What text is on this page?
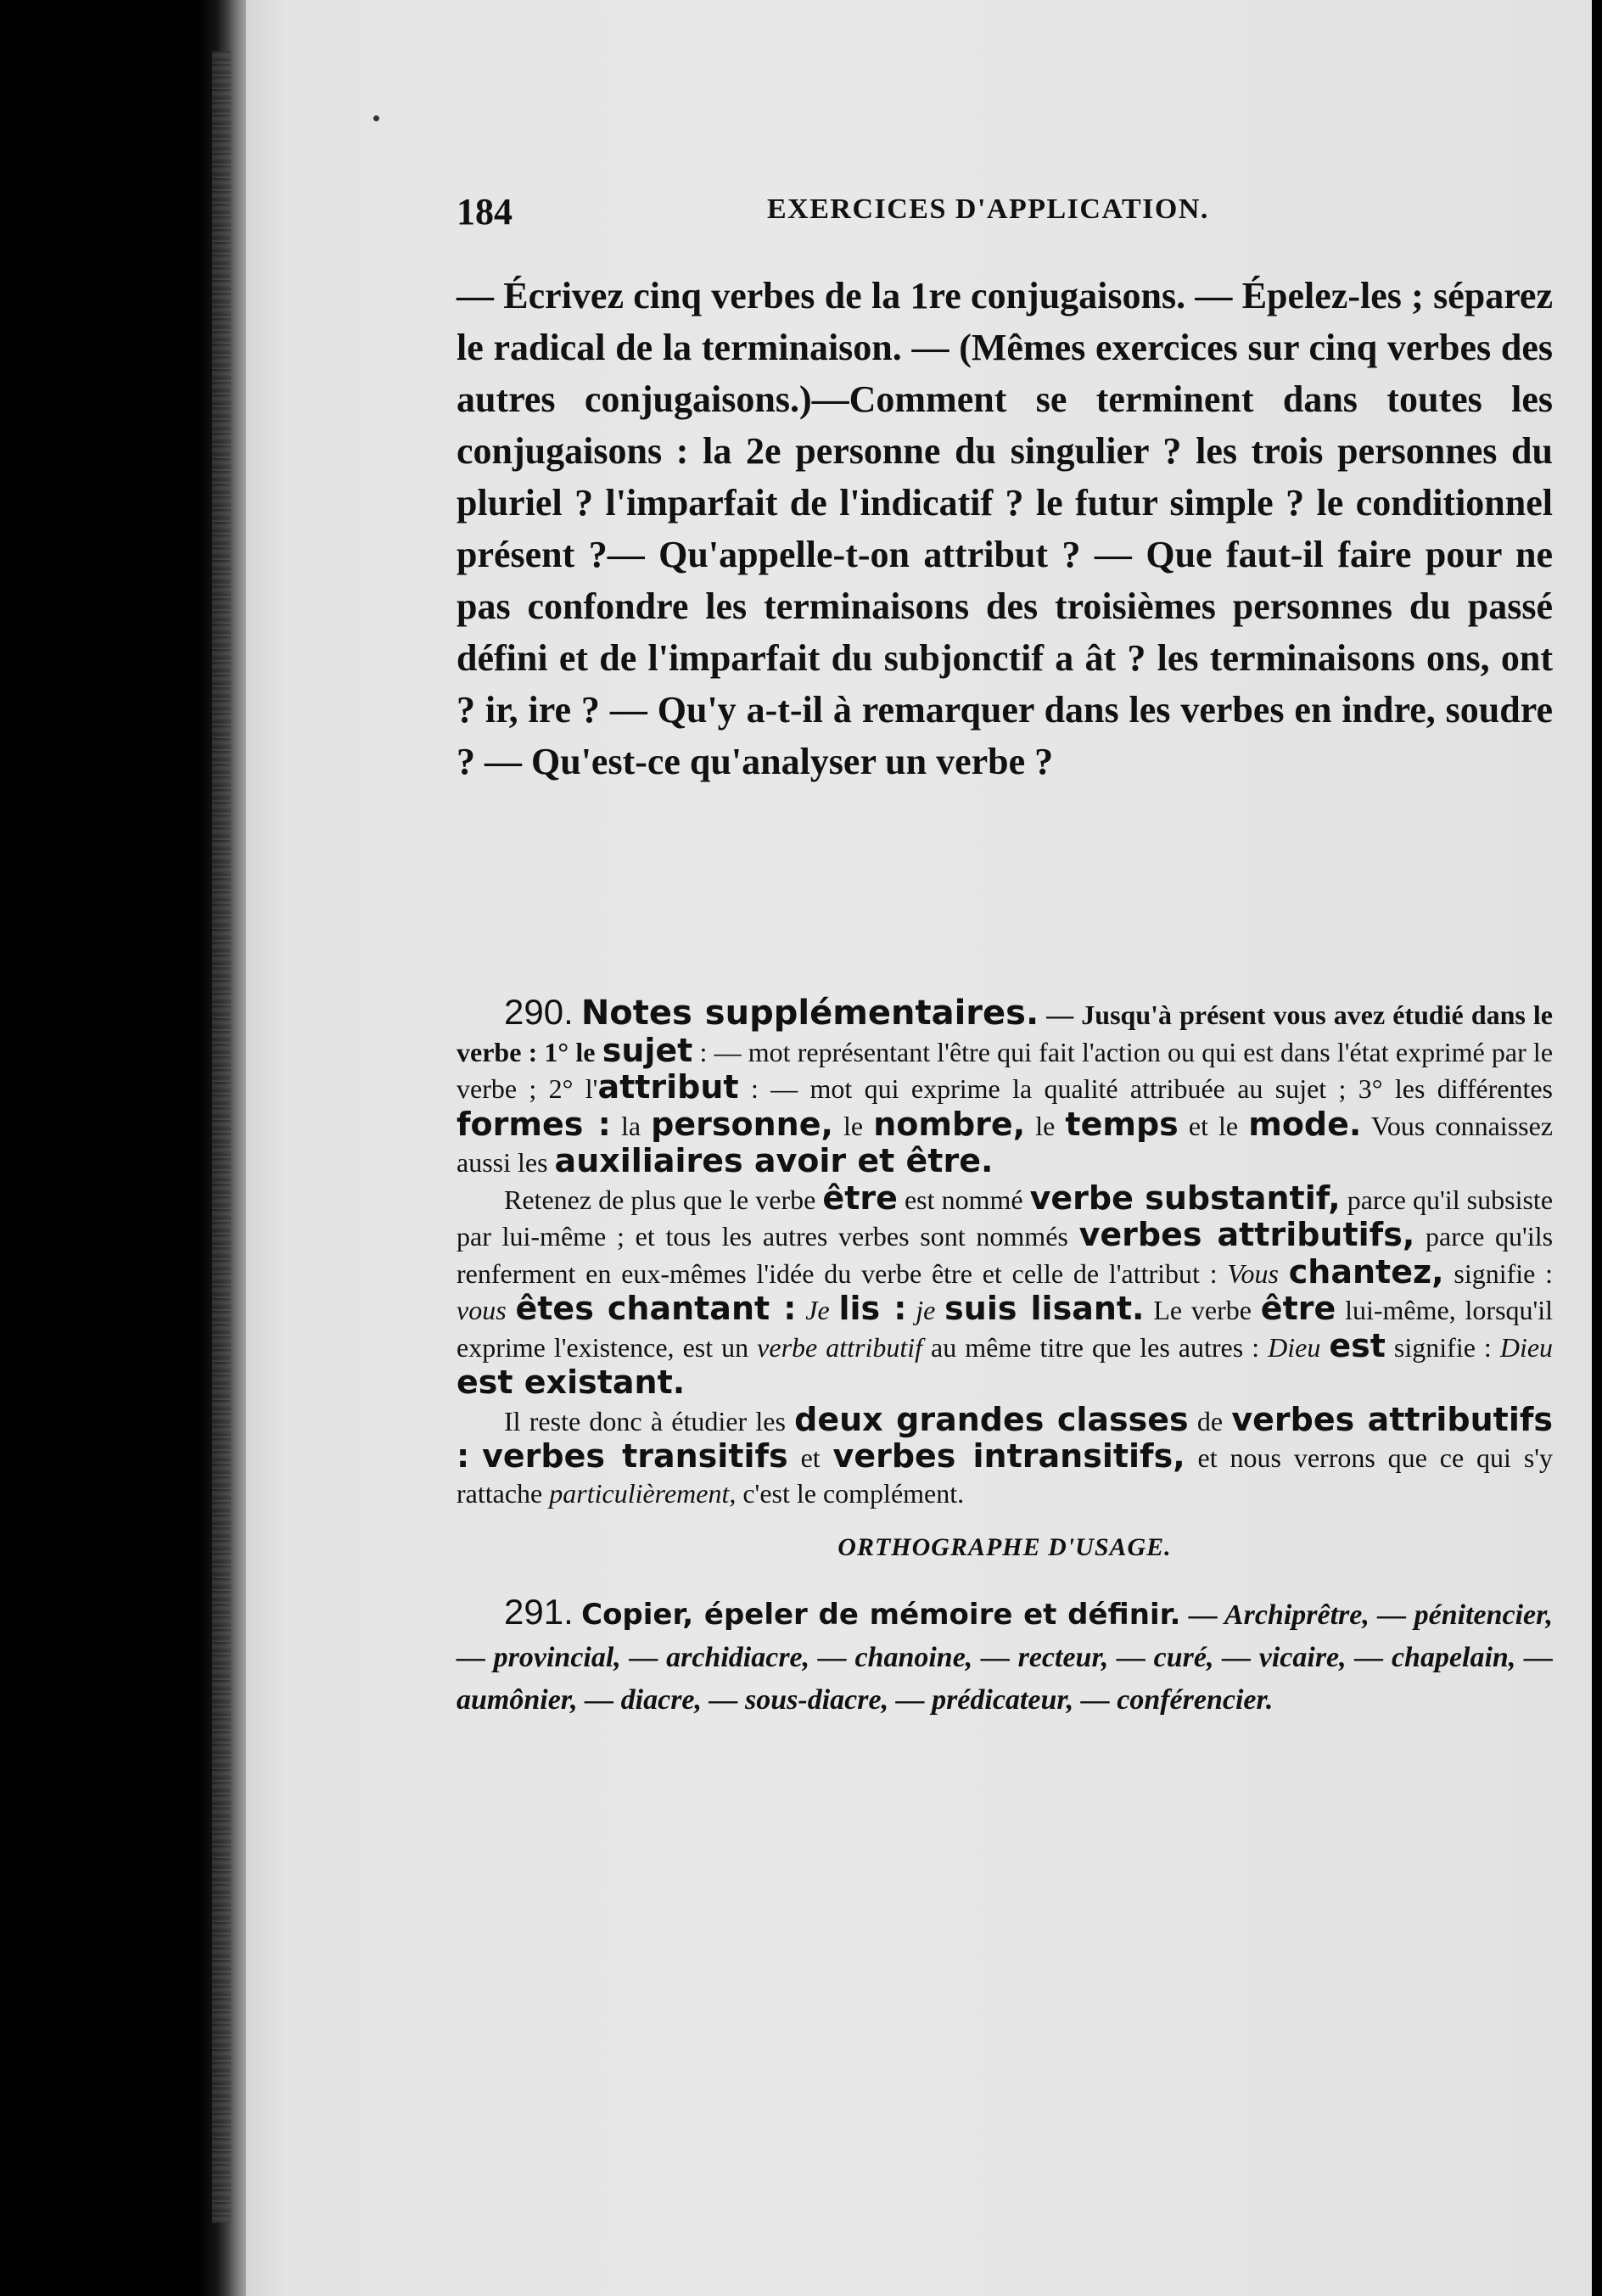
184	EXERCICES D'APPLICATION.
— Écrivez cinq verbes de la 1re conjugaisons. — Épelez-les ; séparez le radical de la terminaison. — (Mêmes exercices sur cinq verbes des autres conjugaisons.)—Comment se terminent dans toutes les conjugaisons : la 2e personne du singulier ? les trois personnes du pluriel ? l'imparfait de l'indicatif ? le futur simple ? le conditionnel présent ?— Qu'appelle-t-on attribut ? — Que faut-il faire pour ne pas confondre les terminaisons des troisièmes personnes du passé défini et de l'imparfait du subjonctif a ât ? les terminaisons ons, ont ? ir, ire ? — Qu'y a-t-il à remarquer dans les verbes en indre, soudre ? — Qu'est-ce qu'analyser un verbe ?
290. Notes supplémentaires. — Jusqu'à présent vous avez étudié dans le verbe : 1° le sujet : — mot représentant l'être qui fait l'action ou qui est dans l'état exprimé par le verbe ; 2° l'attribut : — mot qui exprime la qualité attribuée au sujet ; 3° les différentes formes : la personne, le nombre, le temps et le mode. Vous connaissez aussi les auxiliaires avoir et être.
Retenez de plus que le verbe être est nommé verbe substantif, parce qu'il subsiste par lui-même ; et tous les autres verbes sont nommés verbes attributifs, parce qu'ils renferment en eux-mêmes l'idée du verbe être et celle de l'attribut : Vous chantez, signifie : vous êtes chantant : Je lis : je suis lisant. Le verbe être lui-même, lorsqu'il exprime l'existence, est un verbe attributif au même titre que les autres : Dieu est signifie : Dieu est existant.
Il reste donc à étudier les deux grandes classes de verbes attributifs : verbes transitifs et verbes intransitifs, et nous verrons que ce qui s'y rattache particulièrement, c'est le complément.
ORTHOGRAPHE D'USAGE.
291. Copier, épeler de mémoire et définir. — Archiprêtre, — pénitencier, — provincial, — archidiacre, — chanoine, — recteur, — curé, — vicaire, — chapelain, — aumônier, — diacre, — sous-diacre, — prédicateur, — conférencier.
